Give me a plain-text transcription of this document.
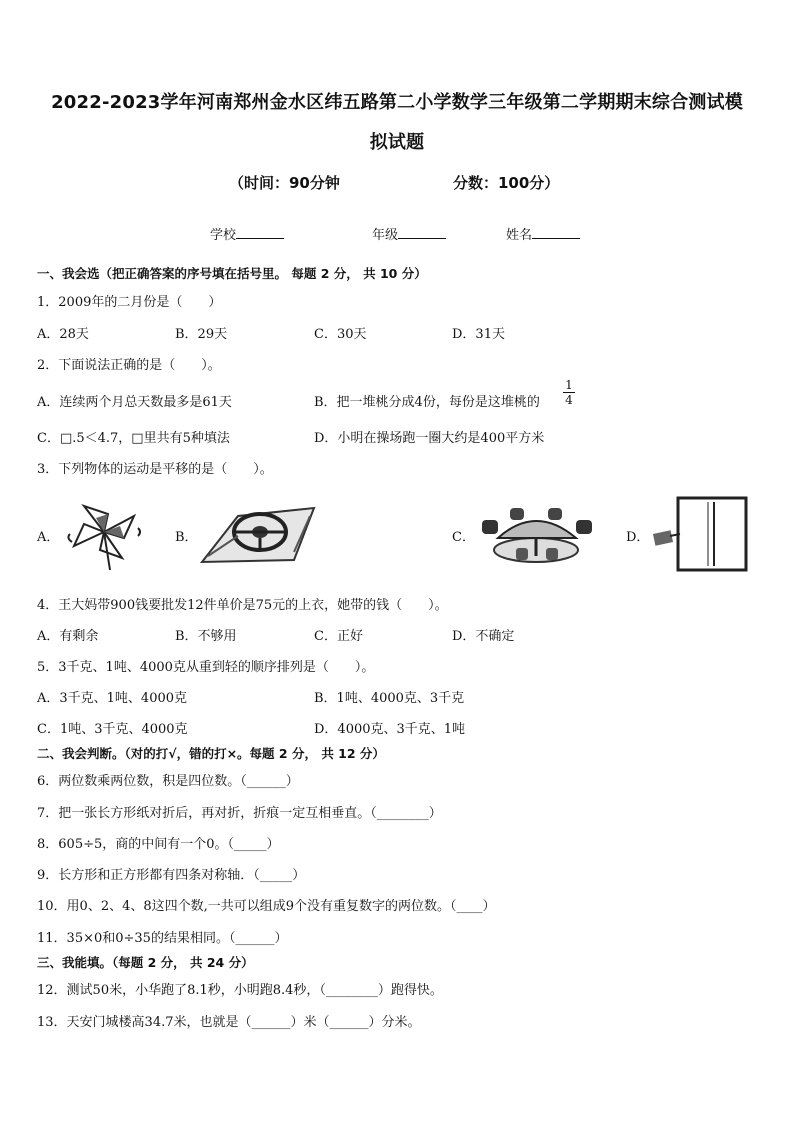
2022-2023学年河南郑州金水区纬五路第二小学数学三年级第二学期期末综合测试模
拟试题
（时间：90分钟	分数：100分）
学校	年级	姓名
一、我会选（把正确答案的序号填在括号里。 每题 2 分， 共 10 分）
1．2009年的二月份是（　　）
A．28天	B．29天	C．30天	D．31天
2．下面说法正确的是（　　）。
A．连续两个月总天数最多是61天	B．把一堆桃分成4份，每份是这堆桃的 $\frac{1}{4}$
C．□.5＜4.7，□里共有5种填法	D．小明在操场跑一圈大约是400平方米
3．下列物体的运动是平移的是（　　）。
A．	B．	C．	D．
4．王大妈带900钱要批发12件单价是75元的上衣，她带的钱（　　）。
A．有剩余	B．不够用	C．正好	D．不确定
5．3千克、1吨、4000克从重到轻的顺序排列是（　　）。
A．3千克、1吨、4000克	B．1吨、4000克、3千克
C．1吨、3千克、4000克	D．4000克、3千克、1吨
二、我会判断。（对的打√，错的打×。每题 2 分， 共 12 分）
6．两位数乘两位数，积是四位数。（______）
7．把一张长方形纸对折后，再对折，折痕一定互相垂直。（________）
8．605÷5，商的中间有一个0。（_____）
9．长方形和正方形都有四条对称轴．（_____）
10．用0、2、4、8这四个数,一共可以组成9个没有重复数字的两位数。（____）
11．35×0和0÷35的结果相同。（______）
三、我能填。（每题 2 分， 共 24 分）
12．测试50米，小华跑了8.1秒，小明跑8.4秒，（________）跑得快。
13．天安门城楼高34.7米，也就是（______）米（______）分米。
